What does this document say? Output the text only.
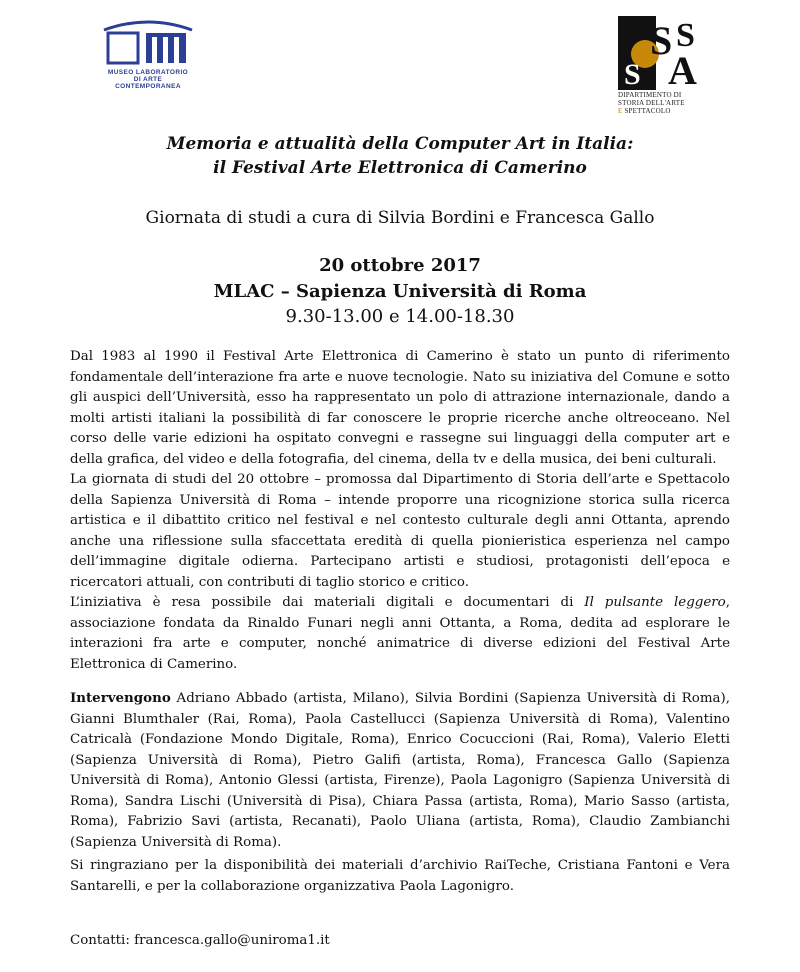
MUSEO LABORATORIO
DI ARTE CONTEMPORANEA
S
A
S
S
DIPARTIMENTO DI
STORIA DELL'ARTE
E SPETTACOLO
Memoria e attualità della Computer Art in Italia:
il Festival Arte Elettronica di Camerino
Giornata di studi a cura di Silvia Bordini e Francesca Gallo
20 ottobre 2017
MLAC – Sapienza Università di Roma
9.30-13.00 e 14.00-18.30

Dal 1983 al 1990 il Festival Arte Elettronica di Camerino è stato un punto di riferimento fondamentale dell’interazione fra arte e nuove tecnologie. Nato su iniziativa del Comune e sotto gli auspici dell’Università, esso ha rappresentato un polo di attrazione internazionale, dando a molti artisti italiani la possibilità di far conoscere le proprie ricerche anche oltreoceano. Nel corso delle varie edizioni ha ospitato convegni e rassegne sui linguaggi della computer art e della grafica, del video e della fotografia, del cinema, della tv e della musica, dei beni culturali.

La giornata di studi del 20 ottobre – promossa dal Dipartimento di Storia dell’arte e Spettacolo della Sapienza Università di Roma – intende proporre una ricognizione storica sulla ricerca artistica e il dibattito critico nel festival e nel contesto culturale degli anni Ottanta, aprendo anche una riflessione sulla sfaccettata eredità di quella pionieristica esperienza nel campo dell’immagine digitale odierna. Partecipano artisti e studiosi, protagonisti dell’epoca e ricercatori attuali, con contributi di taglio storico e critico.

L’iniziativa è resa possibile dai materiali digitali e documentari di Il pulsante leggero, associazione fondata da Rinaldo Funari negli anni Ottanta, a Roma, dedita ad esplorare le interazioni fra arte e computer, nonché animatrice di diverse edizioni del Festival Arte Elettronica di Camerino.

Intervengono Adriano Abbado (artista, Milano), Silvia Bordini (Sapienza Università di Roma), Gianni Blumthaler (Rai, Roma), Paola Castellucci (Sapienza Università di Roma), Valentino Catricalà (Fondazione Mondo Digitale, Roma), Enrico Cocuccioni (Rai, Roma), Valerio Eletti (Sapienza Università di Roma), Pietro Galifi (artista, Roma), Francesca Gallo (Sapienza Università di Roma), Antonio Glessi (artista, Firenze), Paola Lagonigro (Sapienza Università di Roma), Sandra Lischi (Università di Pisa), Chiara Passa (artista, Roma), Mario Sasso (artista, Roma), Fabrizio Savi (artista, Recanati), Paolo Uliana (artista, Roma), Claudio Zambianchi (Sapienza Università di Roma).
Si ringraziano per la disponibilità dei materiali d’archivio RaiTeche, Cristiana Fantoni e Vera Santarelli, e per la collaborazione organizzativa Paola Lagonigro.
Contatti: francesca.gallo@uniroma1.it
